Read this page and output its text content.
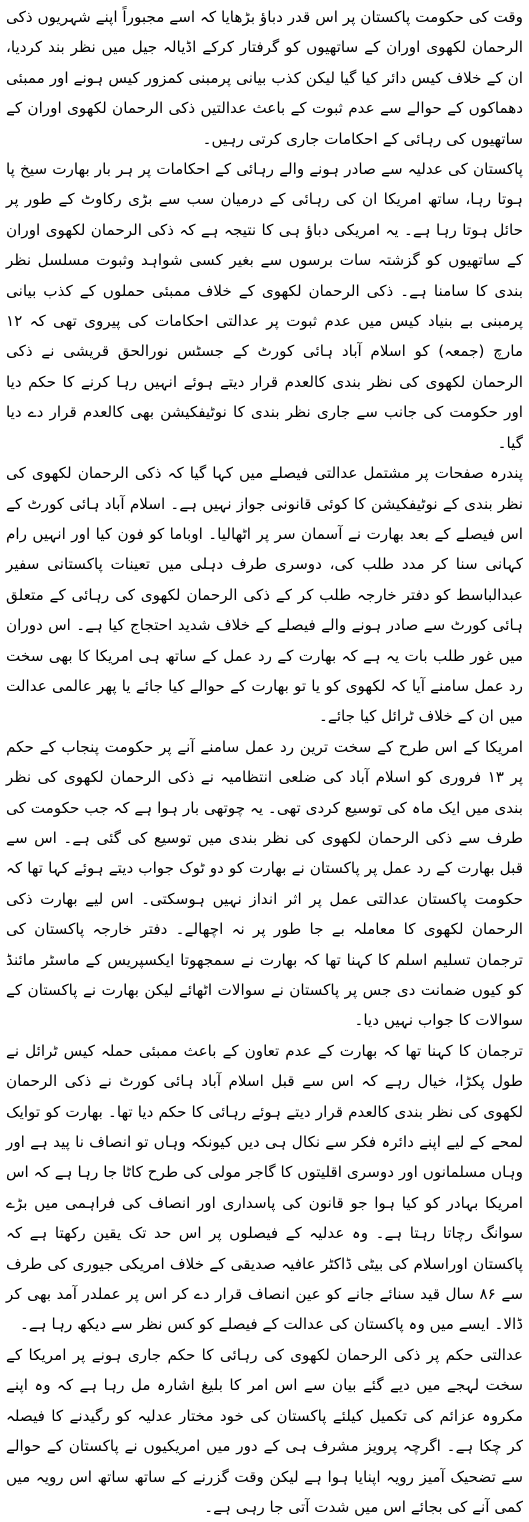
وقت کی حکومت پاکستان پر اس قدر دباؤ بڑھایا کہ اسے مجبوراً اپنے شہریوں ذکی الرحمان لکھوی اوران کے ساتھیوں کو گرفتار کرکے اڈیالہ جیل میں نظر بند کردیا، ان کے خلاف کیس دائر کیا گیا لیکن کذب بیانی پرمبنی کمزور کیس ہونے اور ممبئی دھماکوں کے حوالے سے عدم ثبوت کے باعث عدالتیں ذکی الرحمان لکھوی اوران کے ساتھیوں کی رہائی کے احکامات جاری کرتی رہیں۔

پاکستان کی عدلیہ سے صادر ہونے والے رہائی کے احکامات پر ہر بار بھارت سیخ پا ہوتا رہا، ساتھ امریکا ان کی رہائی کے درمیان سب سے بڑی رکاوٹ کے طور پر حائل ہوتا رہا ہے۔ یہ امریکی دباؤ ہی کا نتیجہ ہے کہ ذکی الرحمان لکھوی اوران کے ساتھیوں کو گزشتہ سات برسوں سے بغیر کسی شواہد وثبوت مسلسل نظر بندی کا سامنا ہے۔ ذکی الرحمان لکھوی کے خلاف ممبئی حملوں کے کذب بیانی پرمبنی بے بنیاد کیس میں عدم ثبوت پر عدالتی احکامات کی پیروی تھی کہ ۱۲ مارچ (جمعہ) کو اسلام آباد ہائی کورٹ کے جسٹس نورالحق قریشی نے ذکی الرحمان لکھوی کی نظر بندی کالعدم قرار دیتے ہوئے انہیں رہا کرنے کا حکم دیا اور حکومت کی جانب سے جاری نظر بندی کا نوٹیفکیشن بھی کالعدم قرار دے دیا گیا۔

پندرہ صفحات پر مشتمل عدالتی فیصلے میں کہا گیا کہ ذکی الرحمان لکھوی کی نظر بندی کے نوٹیفکیشن کا کوئی قانونی جواز نہیں ہے۔ اسلام آباد ہائی کورٹ کے اس فیصلے کے بعد بھارت نے آسمان سر پر اٹھالیا۔ اوباما کو فون کیا اور انہیں رام کہانی سنا کر مدد طلب کی، دوسری طرف دہلی میں تعینات پاکستانی سفیر عبدالباسط کو دفتر خارجہ طلب کر کے ذکی الرحمان لکھوی کی رہائی کے متعلق ہائی کورٹ سے صادر ہونے والے فیصلے کے خلاف شدید احتجاج کیا ہے۔ اس دوران میں غور طلب بات یہ ہے کہ بھارت کے رد عمل کے ساتھ ہی امریکا کا بھی سخت رد عمل سامنے آیا کہ لکھوی کو یا تو بھارت کے حوالے کیا جائے یا پھر عالمی عدالت میں ان کے خلاف ٹرائل کیا جائے۔

امریکا کے اس طرح کے سخت ترین رد عمل سامنے آنے پر حکومت پنجاب کے حکم پر ۱۳ فروری کو اسلام آباد کی ضلعی انتظامیہ نے ذکی الرحمان لکھوی کی نظر بندی میں ایک ماہ کی توسیع کردی تھی۔ یہ چوتھی بار ہوا ہے کہ جب حکومت کی طرف سے ذکی الرحمان لکھوی کی نظر بندی میں توسیع کی گئی ہے۔ اس سے قبل بھارت کے رد عمل پر پاکستان نے بھارت کو دو ٹوک جواب دیتے ہوئے کہا تھا کہ حکومت پاکستان عدالتی عمل پر اثر انداز نہیں ہوسکتی۔ اس لیے بھارت ذکی الرحمان لکھوی کا معاملہ بے جا طور پر نہ اچھالے۔ دفتر خارجہ پاکستان کی ترجمان تسلیم اسلم کا کہنا تھا کہ بھارت نے سمجھوتا ایکسپریس کے ماسٹر مائنڈ کو کیوں ضمانت دی جس پر پاکستان نے سوالات اٹھائے لیکن بھارت نے پاکستان کے سوالات کا جواب نہیں دیا۔

ترجمان کا کہنا تھا کہ بھارت کے عدم تعاون کے باعث ممبئی حملہ کیس ٹرائل نے طول پکڑا، خیال رہے کہ اس سے قبل اسلام آباد ہائی کورٹ نے ذکی الرحمان لکھوی کی نظر بندی کالعدم قرار دیتے ہوئے رہائی کا حکم دیا تھا۔ بھارت کو توایک لمحے کے لیے اپنے دائرہ فکر سے نکال ہی دیں کیونکہ وہاں تو انصاف نا پید ہے اور وہاں مسلمانوں اور دوسری اقلیتوں کا گاجر مولی کی طرح کاٹا جا رہا ہے کہ اس امریکا بہادر کو کیا ہوا جو قانون کی پاسداری اور انصاف کی فراہمی میں بڑے سوانگ رچاتا رہتا ہے۔ وہ عدلیہ کے فیصلوں پر اس حد تک یقین رکھتا ہے کہ پاکستان اوراسلام کی بیٹی ڈاکٹر عافیہ صدیقی کے خلاف امریکی جیوری کی طرف سے ۸۶ سال قید سنائے جانے کو عین انصاف قرار دے کر اس پر عملدر آمد بھی کر ڈالا۔ ایسے میں وہ پاکستان کی عدالت کے فیصلے کو کس نظر سے دیکھ رہا ہے۔

عدالتی حکم پر ذکی الرحمان لکھوی کی رہائی کا حکم جاری ہونے پر امریکا کے سخت لہجے میں دیے گئے بیان سے اس امر کا بلیغ اشارہ مل رہا ہے کہ وہ اپنے مکروہ عزائم کی تکمیل کیلئے پاکستان کی خود مختار عدلیہ کو رگیدنے کا فیصلہ کر چکا ہے۔ اگرچہ پرویز مشرف ہی کے دور میں امریکیوں نے پاکستان کے حوالے سے تضحیک آمیز رویہ اپنایا ہوا ہے لیکن وقت گزرنے کے ساتھ ساتھ اس رویہ میں کمی آنے کی بجائے اس میں شدت آتی جا رہی ہے۔
